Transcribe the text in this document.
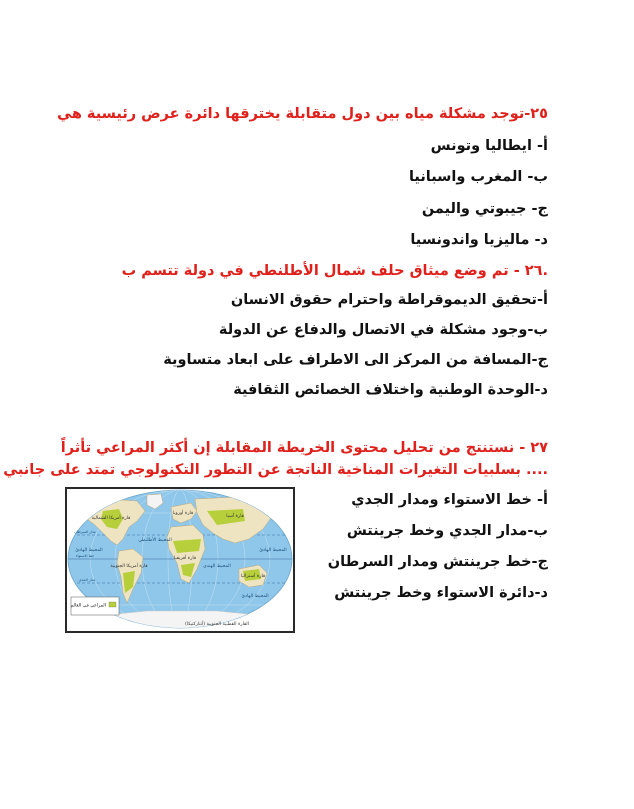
٢٥-توجد مشكلة مياه بين دول متقابلة يخترقها دائرة عرض رئيسية هي
أ- ايطاليا وتونس
ب- المغرب واسبانيا
ج- جيبوتي واليمن
د- ماليزيا واندونسيا
.٢٦ - تم وضع ميثاق حلف شمال الأطلنطي في دولة تتسم ب
أ-تحقيق الديموقراطة واحترام حقوق الانسان
ب-وجود مشكلة في الاتصال والدفاع عن الدولة
ج-المسافة من المركز الى الاطراف على ابعاد متساوية
د-الوحدة الوطنية واختلاف الخصائص الثقافية
٢٧ - نستنتج من تحليل محتوى الخريطة المقابلة إن أكثر المراعي تأثراً
.... بسلبيات التغيرات المناخية الناتجة عن التطور التكنولوجي تمتد على جانبي
أ- خط الاستواء ومدار الجدي
ب-مدار الجدي وخط جرينتش
ج-خط جرينتش ومدار السرطان
د-دائرة الاستواء وخط جرينتش
قارة أمريكا الشمالية
قارة أوروبا
قارة آسيا
قارة أفريقيا
قارة أمريكا الجنوبية
قارة أستراليا
القارة القطبية الجنوبية (أنتاركتيكا)
المحيط الأطلنطي
المحيط الهادئ	المحيط الهادئ
المحيط الهادئ
المحيط الهندي
مدار السرطان
خط الاستواء
مدار الجدي
المراعي في العالم
